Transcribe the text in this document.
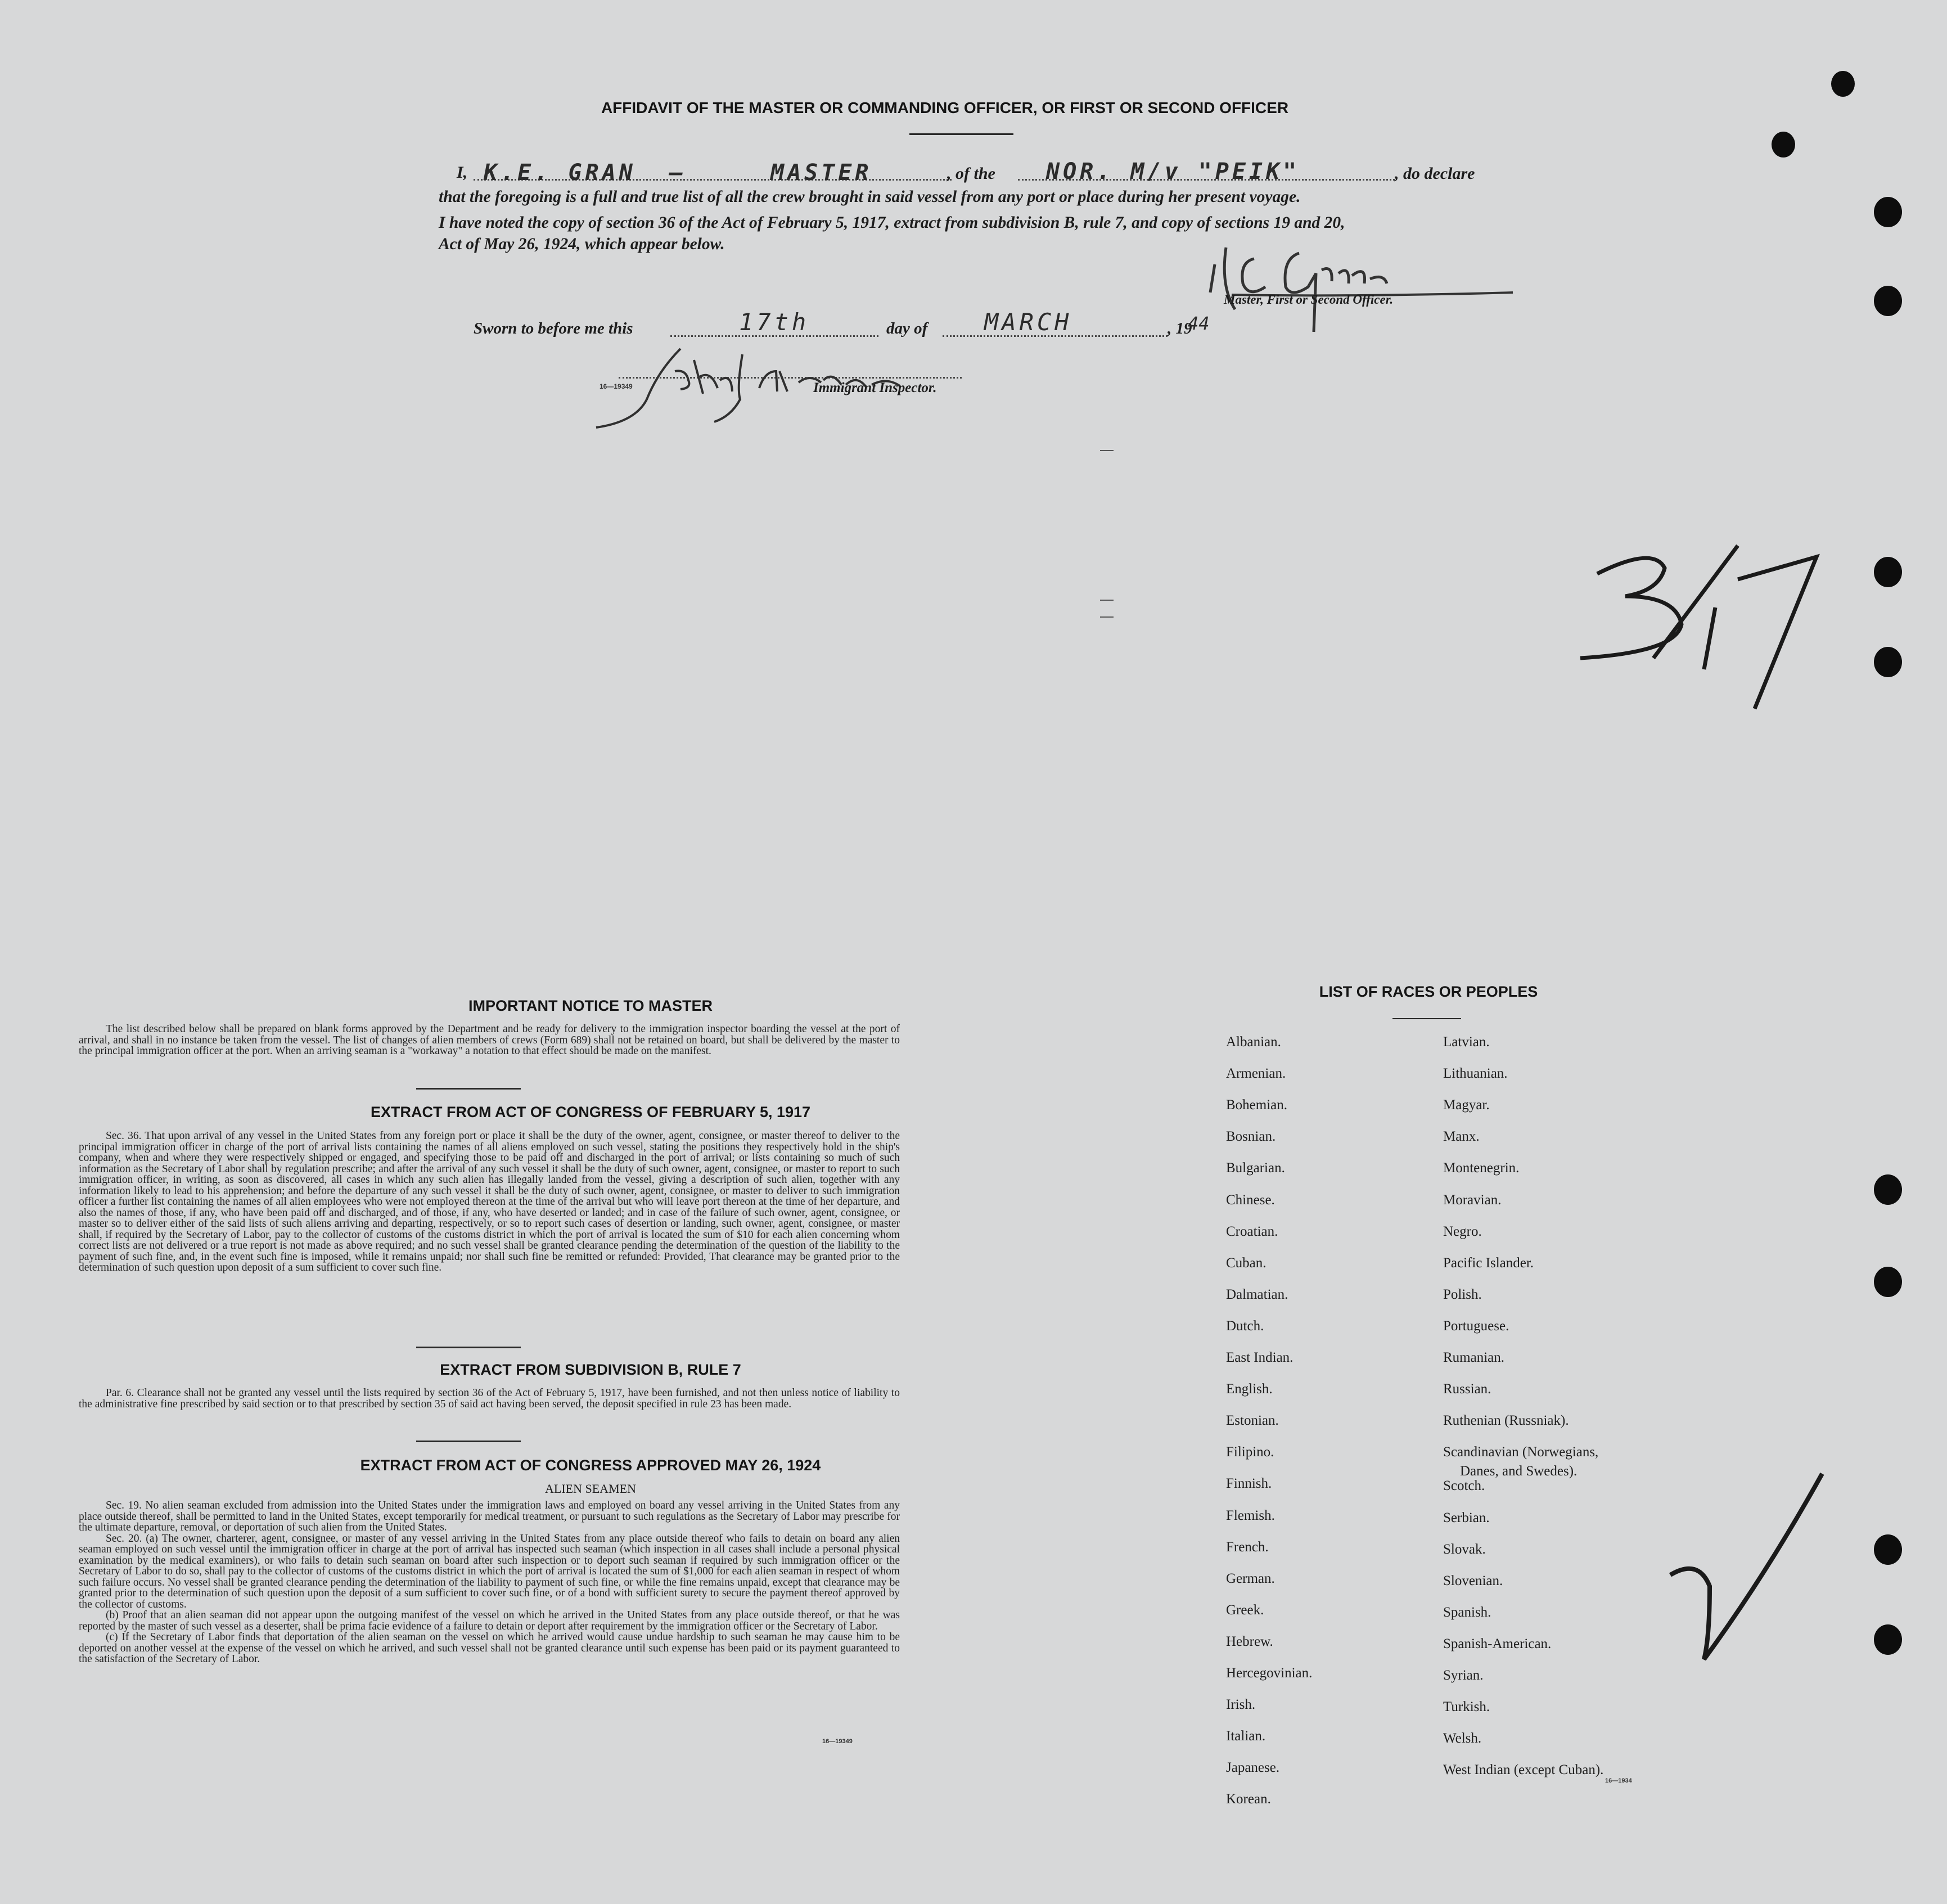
AFFIDAVIT OF THE MASTER OR COMMANDING OFFICER, OR FIRST OR SECOND OFFICER
I, K.E. GRAN –	MASTER	, of the NOR. M/v "PEIK"	, do declare
that the foregoing is a full and true list of all the crew brought in said vessel from any port or place during her present voyage.
I have noted the copy of section 36 of the Act of February 5, 1917, extract from subdivision B, rule 7, and copy of sections 19 and 20,
Act of May 26, 1924, which appear below.
Master, First or Second Officer.
Sworn to before me this	17th	day of MARCH	, 19
44
16—19349	Immigrant Inspector.
IMPORTANT NOTICE TO MASTER

The list described below shall be prepared on blank forms approved by the Department and be ready for delivery to the immigration inspector boarding the vessel at the port of arrival, and shall in no instance be taken from the vessel. The list of changes of alien members of crews (Form 689) shall not be retained on board, but shall be delivered by the master to the principal immigration officer at the port. When an arriving seaman is a "workaway" a notation to that effect should be made on the manifest.

EXTRACT FROM ACT OF CONGRESS OF FEBRUARY 5, 1917

Sec. 36. That upon arrival of any vessel in the United States from any foreign port or place it shall be the duty of the owner, agent, consignee, or master thereof to deliver to the principal immigration officer in charge of the port of arrival lists containing the names of all aliens employed on such vessel, stating the positions they respectively hold in the ship's company, when and where they were respectively shipped or engaged, and specifying those to be paid off and discharged in the port of arrival; or lists containing so much of such information as the Secretary of Labor shall by regulation prescribe; and after the arrival of any such vessel it shall be the duty of such owner, agent, consignee, or master to report to such immigration officer, in writing, as soon as discovered, all cases in which any such alien has illegally landed from the vessel, giving a description of such alien, together with any information likely to lead to his apprehension; and before the departure of any such vessel it shall be the duty of such owner, agent, consignee, or master to deliver to such immigration officer a further list containing the names of all alien employees who were not employed thereon at the time of the arrival but who will leave port thereon at the time of her departure, and also the names of those, if any, who have been paid off and discharged, and of those, if any, who have deserted or landed; and in case of the failure of such owner, agent, consignee, or master so to deliver either of the said lists of such aliens arriving and departing, respectively, or so to report such cases of desertion or landing, such owner, agent, consignee, or master shall, if required by the Secretary of Labor, pay to the collector of customs of the customs district in which the port of arrival is located the sum of $10 for each alien concerning whom correct lists are not delivered or a true report is not made as above required; and no such vessel shall be granted clearance pending the determination of the question of the liability to the payment of such fine, and, in the event such fine is imposed, while it remains unpaid; nor shall such fine be remitted or refunded: Provided, That clearance may be granted prior to the determination of such question upon deposit of a sum sufficient to cover such fine.

EXTRACT FROM SUBDIVISION B, RULE 7

Par. 6. Clearance shall not be granted any vessel until the lists required by section 36 of the Act of February 5, 1917, have been furnished, and not then unless notice of liability to the administrative fine prescribed by said section or to that prescribed by section 35 of said act having been served, the deposit specified in rule 23 has been made.

EXTRACT FROM ACT OF CONGRESS APPROVED MAY 26, 1924
ALIEN SEAMEN

Sec. 19. No alien seaman excluded from admission into the United States under the immigration laws and employed on board any vessel arriving in the United States from any place outside thereof, shall be permitted to land in the United States, except temporarily for medical treatment, or pursuant to such regulations as the Secretary of Labor may prescribe for the ultimate departure, removal, or deportation of such alien from the United States.

Sec. 20. (a) The owner, charterer, agent, consignee, or master of any vessel arriving in the United States from any place outside thereof who fails to detain on board any alien seaman employed on such vessel until the immigration officer in charge at the port of arrival has inspected such seaman (which inspection in all cases shall include a personal physical examination by the medical examiners), or who fails to detain such seaman on board after such inspection or to deport such seaman if required by such immigration officer or the Secretary of Labor to do so, shall pay to the collector of customs of the customs district in which the port of arrival is located the sum of $1,000 for each alien seaman in respect of whom such failure occurs. No vessel shall be granted clearance pending the determination of the liability to payment of such fine, or while the fine remains unpaid, except that clearance may be granted prior to the determination of such question upon the deposit of a sum sufficient to cover such fine, or of a bond with sufficient surety to secure the payment thereof approved by the collector of customs.

(b) Proof that an alien seaman did not appear upon the outgoing manifest of the vessel on which he arrived in the United States from any place outside thereof, or that he was reported by the master of such vessel as a deserter, shall be prima facie evidence of a failure to detain or deport after requirement by the immigration officer or the Secretary of Labor.

(c) If the Secretary of Labor finds that deportation of the alien seaman on the vessel on which he arrived would cause undue hardship to such seaman he may cause him to be deported on another vessel at the expense of the vessel on which he arrived, and such vessel shall not be granted clearance until such expense has been paid or its payment guaranteed to the satisfaction of the Secretary of Labor.

16—19349
LIST OF RACES OR PEOPLES
Albanian.
Armenian.
Bohemian.
Bosnian.
Bulgarian.
Chinese.
Croatian.
Cuban.
Dalmatian.
Dutch.
East Indian.
English.
Estonian.
Filipino.
Finnish.
Flemish.
French.
German.
Greek.
Hebrew.
Hercegovinian.
Irish.
Italian.
Japanese.
Korean.
Latvian.
Lithuanian.
Magyar.
Manx.
Montenegrin.
Moravian.
Negro.
Pacific Islander.
Polish.
Portuguese.
Rumanian.
Russian.
Ruthenian (Russniak).
Scandinavian (Norwegians,
Danes, and Swedes).
Scotch.
Serbian.
Slovak.
Slovenian.
Spanish.
Spanish-American.
Syrian.
Turkish.
Welsh.
West Indian (except Cuban).
16—1934
